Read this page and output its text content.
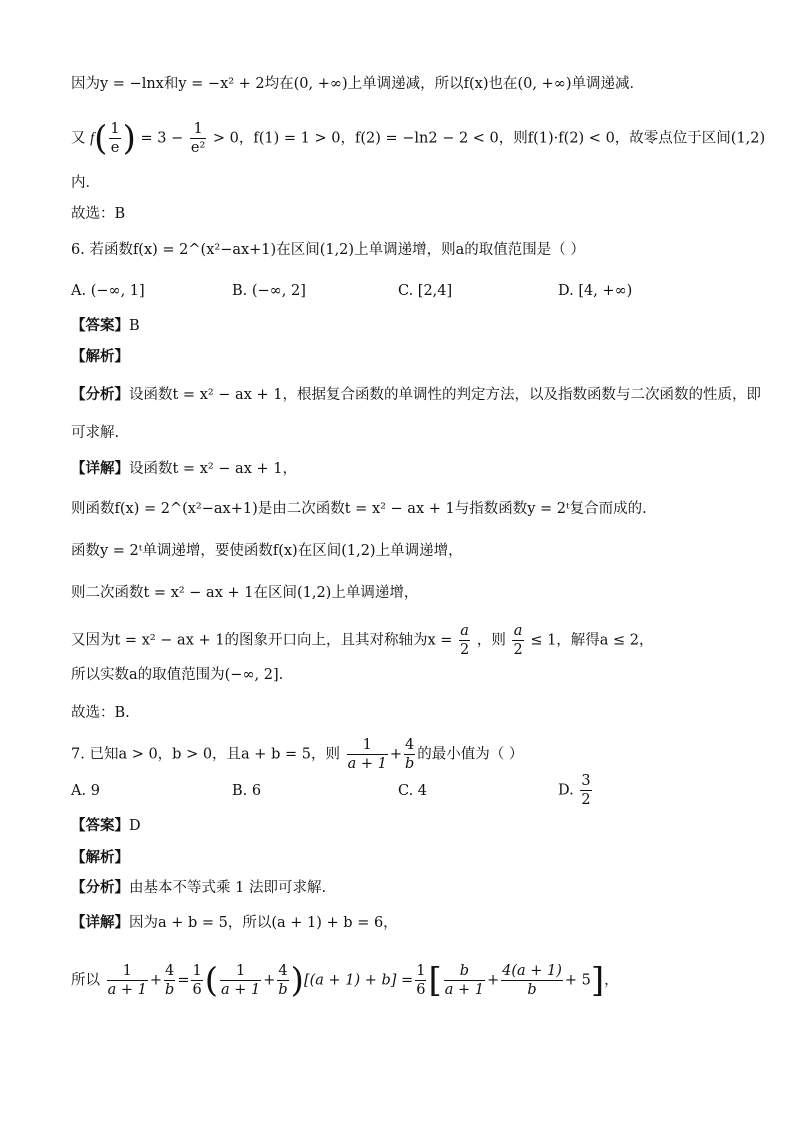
因为y = −lnx和y = −x² + 2均在(0, +∞)上单调递减，所以f(x)也在(0, +∞)单调递减．
又 $f( \frac{1}{e}$ ) = $3 - \frac{1}{\text{e²}} > 0$，f(1) = 1 > 0，f(2) = −ln2 − 2 < 0，则f(1)·f(2) < 0，故零点位于区间(1,2)
内．
故选：B
6. 若函数f(x) = 2^(x²−ax+1)在区间(1,2)上单调递增，则a的取值范围是（ ）
A. (−∞, 1]	B. (−∞, 2]	C. [2,4]	D. [4, +∞)
【答案】B
【解析】
【分析】设函数t = x² − ax + 1，根据复合函数的单调性的判定方法，以及指数函数与二次函数的性质，即
可求解.
【详解】设函数t = x² − ax + 1，
则函数f(x) = 2^(x²−ax+1)是由二次函数t = x² − ax + 1与指数函数y = 2ᵗ复合而成的.
函数y = 2ᵗ单调递增，要使函数f(x)在区间(1,2)上单调递增，
则二次函数t = x² − ax + 1在区间(1,2)上单调递增，
又因为t = x² − ax + 1的图象开口向上，且其对称轴为$x = \frac{a}{2}$ ，则 $\frac{a}{2} \le 1$，解得a ≤ 2，
所以实数a的取值范围为(−∞, 2].
故选：B.
7. 已知a > 0，b > 0，且a + b = 5，则 $\frac{1}{a + 1} + \frac{4}{b}$ 的最小值为（ ）
A. 9	B. 6	C. 4	D. $\frac{3}{2}$
【答案】D
【解析】
【分析】由基本不等式乘 1 法即可求解.
【详解】因为a + b = 5，所以(a + 1) + b = 6，
所以 $\frac{1}{a + 1} + \frac{4}{b} = \frac{1}{6}$ ( $\frac{1}{a + 1} + \frac{4}{b} )[(a + 1) + b] = \frac{1}{6}$ [ $\frac{b}{a + 1} + \frac{4(a + 1)}{b} + 5$]，
